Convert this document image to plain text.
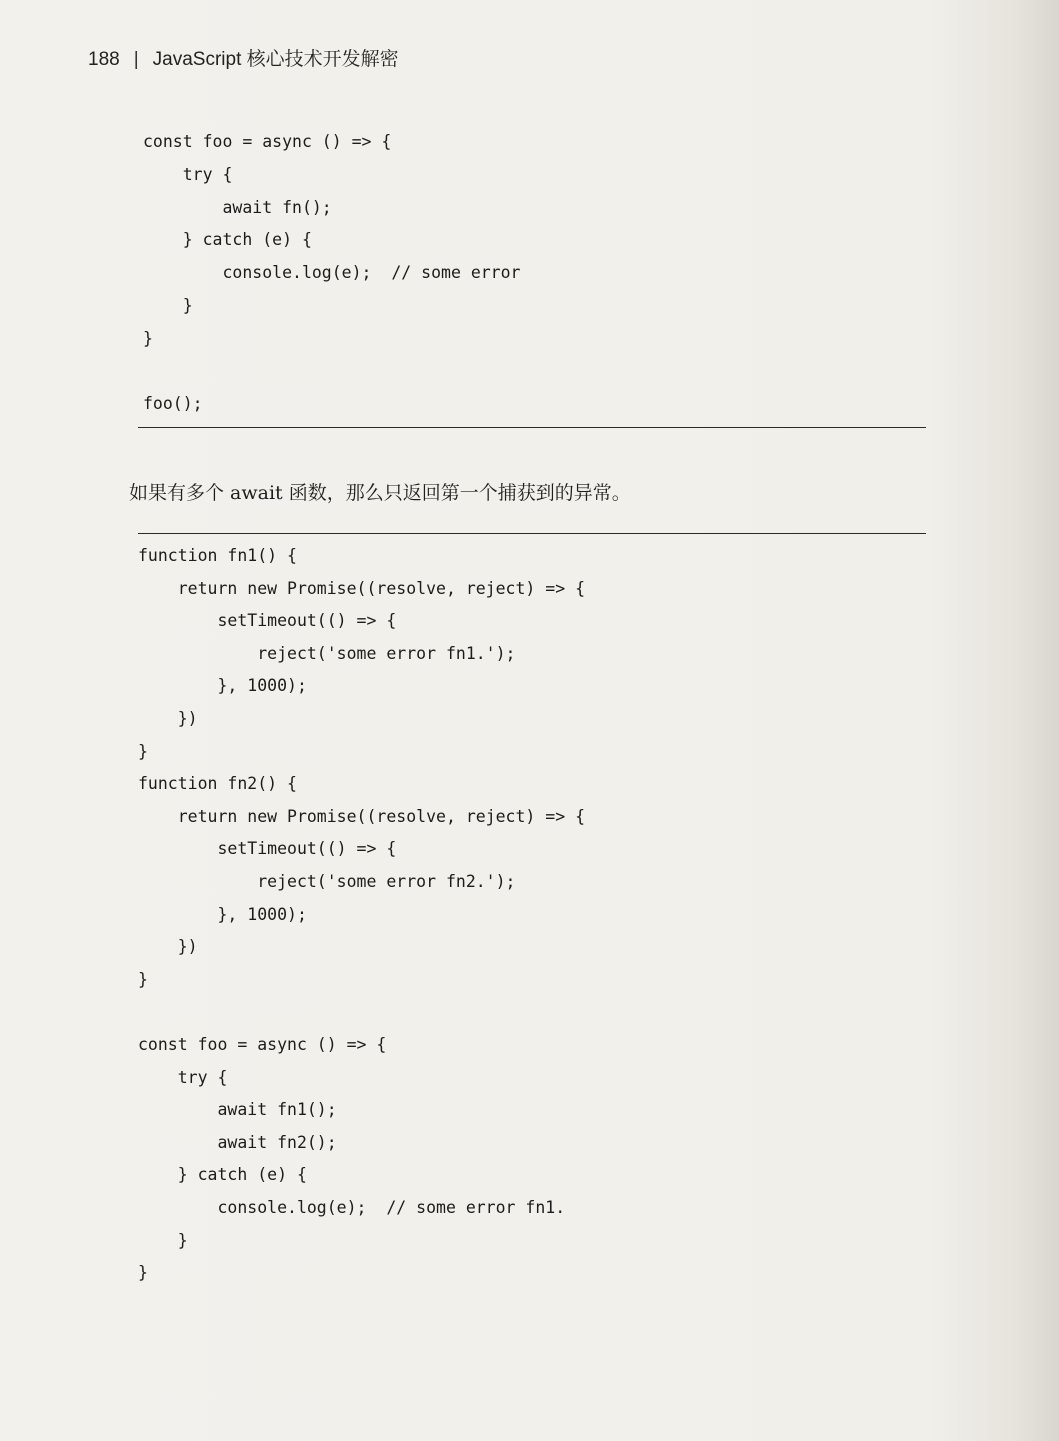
188 | JavaScript 核心技术开发解密
const foo = async () => {
try {
await fn();
} catch (e) {
console.log(e);  // some error
}
}
foo();
如果有多个 await 函数，那么只返回第一个捕获到的异常。
function fn1() {
return new Promise((resolve, reject) => {
setTimeout(() => {
reject('some error fn1.');
}, 1000);
})
}
function fn2() {
return new Promise((resolve, reject) => {
setTimeout(() => {
reject('some error fn2.');
}, 1000);
})
}
const foo = async () => {
try {
await fn1();
await fn2();
} catch (e) {
console.log(e);  // some error fn1.
}
}
